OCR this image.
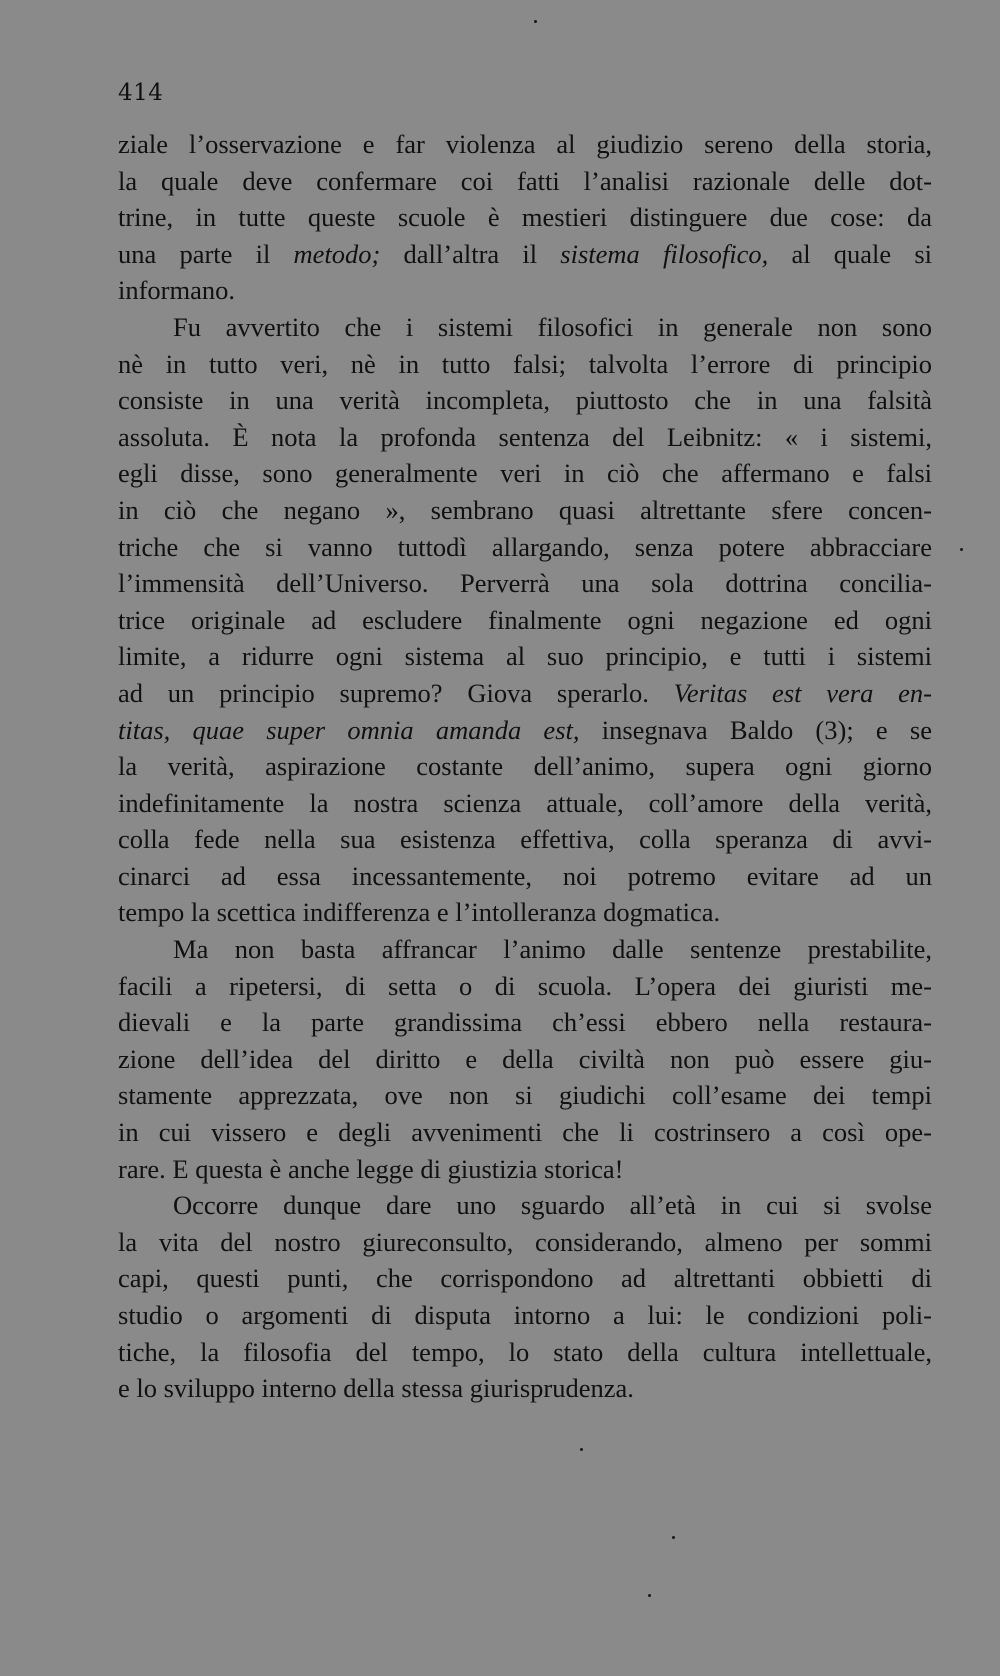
414

ziale l’osservazione e far violenza al giudizio sereno della storia,
la quale deve confermare coi fatti l’analisi razionale delle dot-
trine, in tutte queste scuole è mestieri distinguere due cose: da
una parte il metodo; dall’altra il sistema filosofico, al quale si
informano.

Fu avvertito che i sistemi filosofici in generale non sono
nè in tutto veri, nè in tutto falsi; talvolta l’errore di principio
consiste in una verità incompleta, piuttosto che in una falsità
assoluta. È nota la profonda sentenza del Leibnitz: « i sistemi,
egli disse, sono generalmente veri in ciò che affermano e falsi
in ciò che negano », sembrano quasi altrettante sfere concen-
triche che si vanno tuttodì allargando, senza potere abbracciare
l’immensità dell’Universo. Perverrà una sola dottrina concilia-
trice originale ad escludere finalmente ogni negazione ed ogni
limite, a ridurre ogni sistema al suo principio, e tutti i sistemi
ad un principio supremo? Giova sperarlo. Veritas est vera en-
titas, quae super omnia amanda est, insegnava Baldo (3); e se
la verità, aspirazione costante dell’animo, supera ogni giorno
indefinitamente la nostra scienza attuale, coll’amore della verità,
colla fede nella sua esistenza effettiva, colla speranza di avvi-
cinarci ad essa incessantemente, noi potremo evitare ad un
tempo la scettica indifferenza e l’intolleranza dogmatica.

Ma non basta affrancar l’animo dalle sentenze prestabilite,
facili a ripetersi, di setta o di scuola. L’opera dei giuristi me-
dievali e la parte grandissima ch’essi ebbero nella restaura-
zione dell’idea del diritto e della civiltà non può essere giu-
stamente apprezzata, ove non si giudichi coll’esame dei tempi
in cui vissero e degli avvenimenti che li costrinsero a così ope-
rare. E questa è anche legge di giustizia storica!

Occorre dunque dare uno sguardo all’età in cui si svolse
la vita del nostro giureconsulto, considerando, almeno per sommi
capi, questi punti, che corrispondono ad altrettanti obbietti di
studio o argomenti di disputa intorno a lui: le condizioni poli-
tiche, la filosofia del tempo, lo stato della cultura intellettuale,
e lo sviluppo interno della stessa giurisprudenza.
